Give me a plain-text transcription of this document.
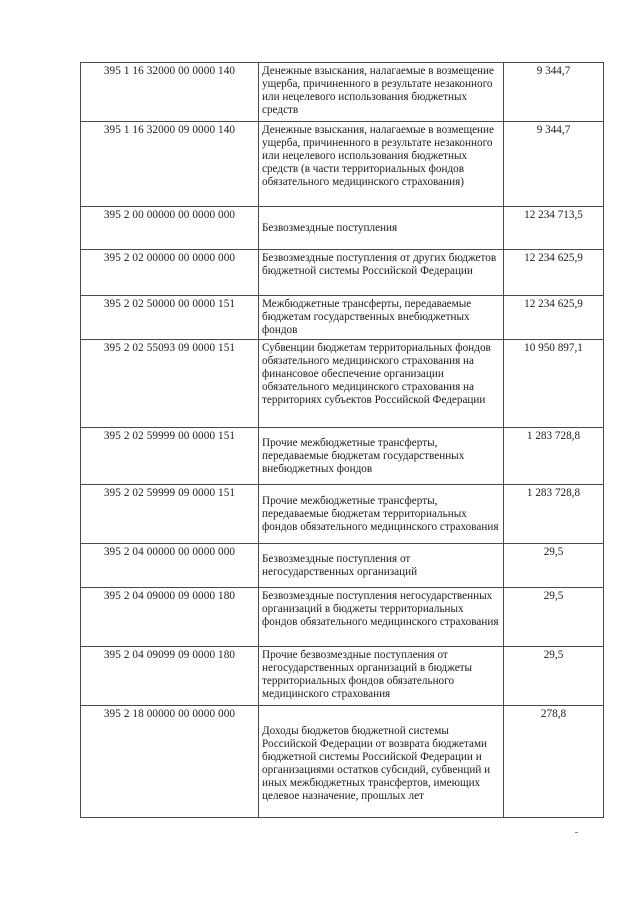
395 1 16 32000 00 0000 140	Денежные взыскания, налагаемые в возмещение ущерба, причиненного в результате незаконного или нецелевого использования бюджетных средств	9 344,7
395 1 16 32000 09 0000 140	Денежные взыскания, налагаемые в возмещение ущерба, причиненного в результате незаконного или нецелевого использования бюджетных средств (в части территориальных фондов обязательного медицинского страхования)	9 344,7
395 2 00 00000 00 0000 000	Безвозмездные поступления	12 234 713,5
395 2 02 00000 00 0000 000	Безвозмездные поступления от других бюджетов бюджетной системы Российской Федерации	12 234 625,9
395 2 02 50000 00 0000 151	Межбюджетные трансферты, передаваемые бюджетам государственных внебюджетных фондов	12 234 625,9
395 2 02 55093 09 0000 151	Субвенции бюджетам территориальных фондов обязательного медицинского страхования на финансовое обеспечение организации обязательного медицинского страхования на территориях субъектов Российской Федерации	10 950 897,1
395 2 02 59999 00 0000 151	Прочие межбюджетные трансферты, передаваемые бюджетам государственных внебюджетных фондов	1 283 728,8
395 2 02 59999 09 0000 151	Прочие межбюджетные трансферты, передаваемые бюджетам территориальных фондов обязательного медицинского страхования	1 283 728,8
395 2 04 00000 00 0000 000	Безвозмездные поступления от негосударственных организаций	29,5
395 2 04 09000 09 0000 180	Безвозмездные поступления негосударственных организаций в бюджеты территориальных фондов обязательного медицинского страхования	29,5
395 2 04 09099 09 0000 180	Прочие безвозмездные поступления от негосударственных организаций в бюджеты территориальных фондов обязательного медицинского страхования	29,5
395 2 18 00000 00 0000 000	Доходы бюджетов бюджетной системы Российской Федерации от возврата бюджетами бюджетной системы Российской Федерации и организациями остатков субсидий, субвенций и иных межбюджетных трансфертов, имеющих целевое назначение, прошлых лет	278,8
